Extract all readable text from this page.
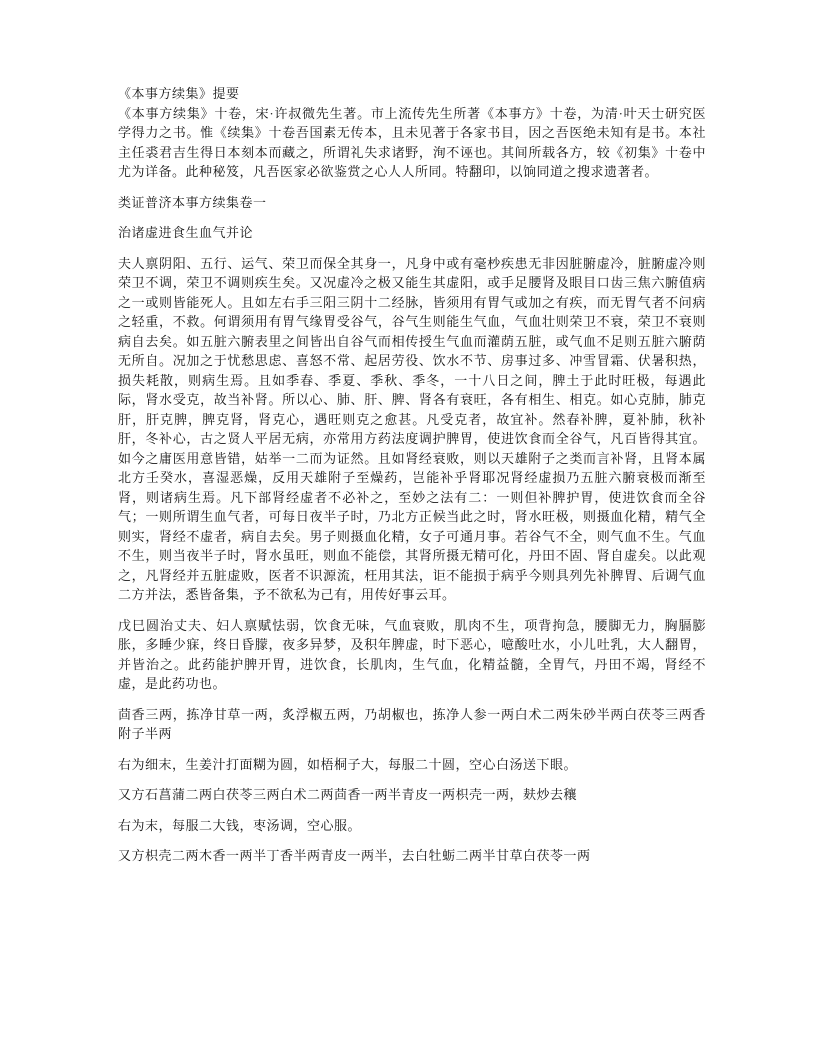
《本事方续集》提要

《本事方续集》十卷，宋·许叔微先生著。市上流传先生所著《本事方》十卷，为清·叶天士研究医学得力之书。惟《续集》十卷吾国素无传本，且未见著于各家书目，因之吾医绝未知有是书。本社主任裘君吉生得日本刻本而藏之，所谓礼失求诸野，洵不诬也。其间所载各方，较《初集》十卷中尤为详备。此种秘笈，凡吾医家必欲鉴赏之心人人所同。特翻印，以饷同道之搜求遗著者。

类证普济本事方续集卷一

治诸虚进食生血气并论

夫人禀阴阳、五行、运气、荣卫而保全其身一，凡身中或有毫杪疾患无非因脏腑虚冷，脏腑虚冷则荣卫不调，荣卫不调则疾生矣。又况虚冷之极又能生其虚阳，或手足腰肾及眼目口齿三焦六腑值病之一或则皆能死人。且如左右手三阳三阴十二经脉，皆须用有胃气或加之有疾，而无胃气者不问病之轻重，不救。何谓须用有胃气缘胃受谷气，谷气生则能生气血，气血壮则荣卫不衰，荣卫不衰则病自去矣。如五脏六腑表里之间皆出自谷气而相传授生气血而灌荫五脏，或气血不足则五脏六腑荫无所自。况加之于忧愁思虑、喜怒不常、起居劳役、饮水不节、房事过多、冲雪冒霜、伏暑积热，损失耗散，则病生焉。且如季春、季夏、季秋、季冬，一十八日之间，脾土于此时旺极，每遇此际，肾水受克，故当补肾。所以心、肺、肝、脾、肾各有衰旺，各有相生、相克。如心克肺，肺克肝，肝克脾，脾克肾，肾克心，遇旺则克之愈甚。凡受克者，故宜补。然春补脾，夏补肺，秋补肝，冬补心，古之贤人平居无病，亦常用方药法度调护脾胃，使进饮食而全谷气，凡百皆得其宜。如今之庸医用意皆错，姑举一二而为证然。且如肾经衰败，则以天雄附子之类而言补肾，且肾本属北方壬癸水，喜湿恶燥，反用天雄附子至燥药，岂能补乎肾耶况肾经虚损乃五脏六腑衰极而渐至肾，则诸病生焉。凡下部肾经虚者不必补之，至妙之法有二：一则但补脾护胃，使进饮食而全谷气；一则所谓生血气者，可每日夜半子时，乃北方正候当此之时，肾水旺极，则摄血化精，精气全则实，肾经不虚者，病自去矣。男子则摄血化精，女子可通月事。若谷气不全，则气血不生。气血不生，则当夜半子时，肾水虽旺，则血不能偿，其肾所摄无精可化，丹田不固、肾自虚矣。以此观之，凡肾经并五脏虚败，医者不识源流，枉用其法，讵不能损于病乎今则具列先补脾胃、后调气血二方并法，悉皆备集，予不欲私为己有，用传好事云耳。

戊巳圆治丈夫、妇人禀赋怯弱，饮食无味，气血衰败，肌肉不生，项背拘急，腰脚无力，胸膈膨胀，多睡少寐，终日昏朦，夜多异梦，及积年脾虚，时下恶心，噫酸吐水，小儿吐乳，大人翻胃，并皆治之。此药能护脾开胃，进饮食，长肌肉，生气血，化精益髓，全胃气，丹田不竭，肾经不虚，是此药功也。

茴香三两，拣净甘草一两，炙浮椒五两，乃胡椒也，拣净人参一两白术二两朱砂半两白茯苓三两香附子半两

右为细末，生姜汁打面糊为圆，如梧桐子大，每服二十圆，空心白汤送下眼。

又方石菖蒲二两白茯苓三两白术二两茴香一两半青皮一两枳壳一两，麸炒去穰

右为末，每服二大钱，枣汤调，空心服。

又方枳壳二两木香一两半丁香半两青皮一两半，去白牡蛎二两半甘草白茯苓一两
